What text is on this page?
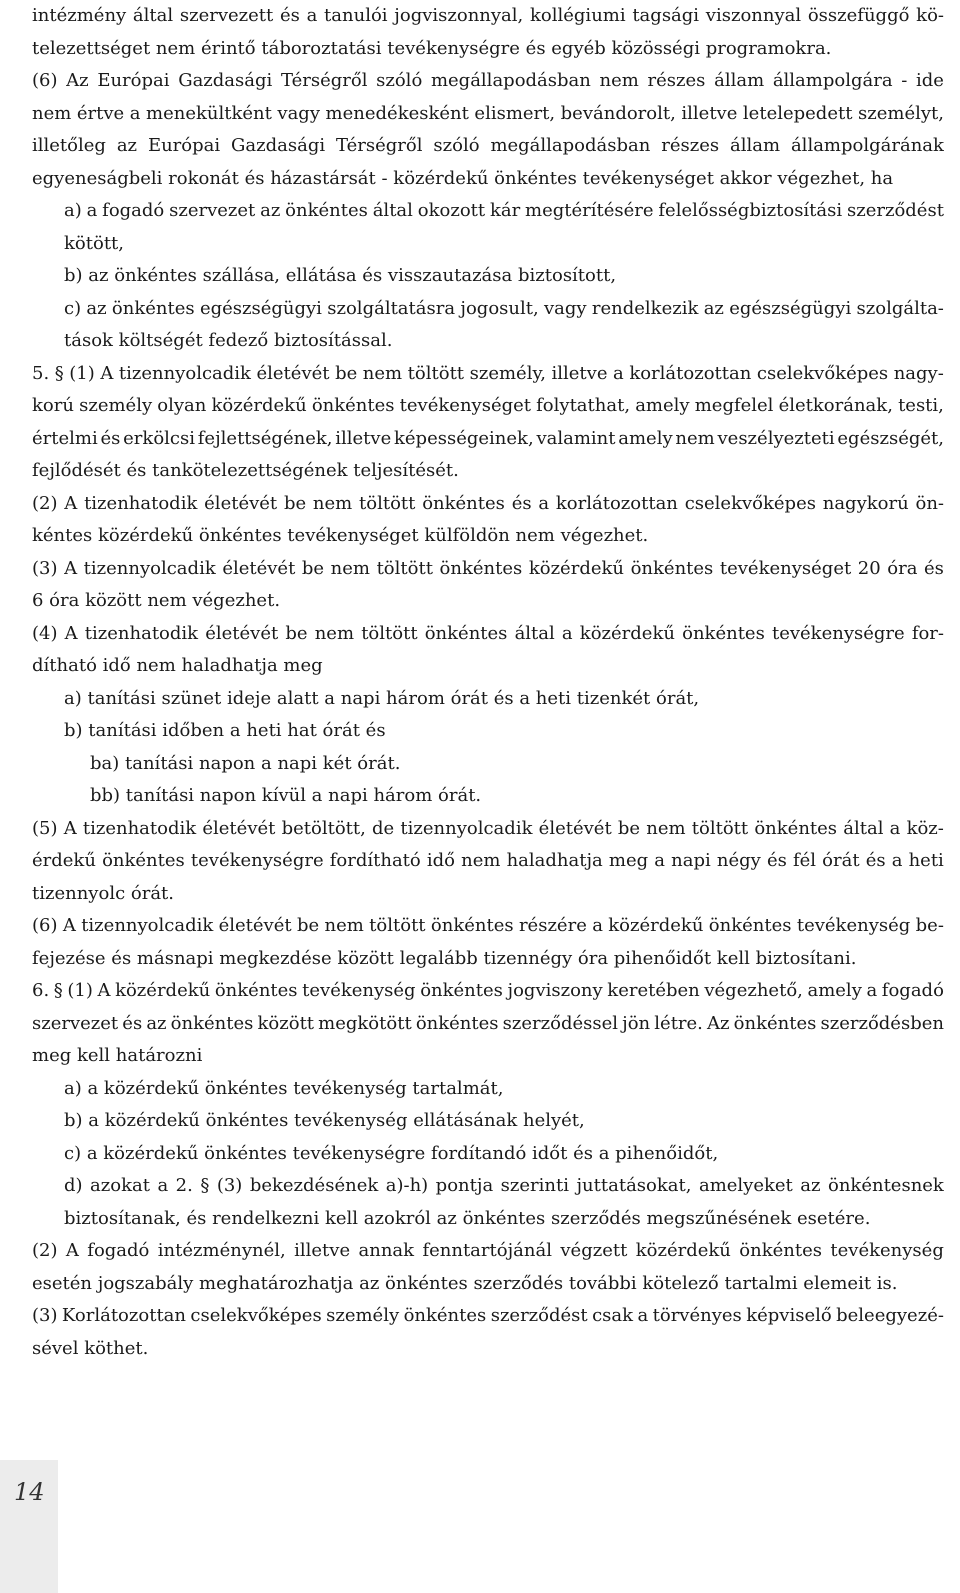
intézmény által szervezett és a tanulói jogviszonnyal, kollégiumi tagsági viszonnyal összefüggő kö-
telezettséget nem érintő táboroztatási tevékenységre és egyéb közösségi programokra.
(6) Az Európai Gazdasági Térségről szóló megállapodásban nem részes állam állampolgára - ide
nem értve a menekültként vagy menedékesként elismert, bevándorolt, illetve letelepedett személyt,
illetőleg az Európai Gazdasági Térségről szóló megállapodásban részes állam állampolgárának
egyeneságbeli rokonát és házastársát - közérdekű önkéntes tevékenységet akkor végezhet, ha
a) a fogadó szervezet az önkéntes által okozott kár megtérítésére felelősségbiztosítási szerződést
kötött,
b) az önkéntes szállása, ellátása és visszautazása biztosított,
c) az önkéntes egészségügyi szolgáltatásra jogosult, vagy rendelkezik az egészségügyi szolgálta-
tások költségét fedező biztosítással.
5. § (1) A tizennyolcadik életévét be nem töltött személy, illetve a korlátozottan cselekvőképes nagy-
korú személy olyan közérdekű önkéntes tevékenységet folytathat, amely megfelel életkorának, testi,
értelmi és erkölcsi fejlettségének, illetve képességeinek, valamint amely nem veszélyezteti egészségét,
fejlődését és tankötelezettségének teljesítését.
(2) A tizenhatodik életévét be nem töltött önkéntes és a korlátozottan cselekvőképes nagykorú ön-
kéntes közérdekű önkéntes tevékenységet külföldön nem végezhet.
(3) A tizennyolcadik életévét be nem töltött önkéntes közérdekű önkéntes tevékenységet 20 óra és
6 óra között nem végezhet.
(4) A tizenhatodik életévét be nem töltött önkéntes által a közérdekű önkéntes tevékenységre for-
dítható idő nem haladhatja meg
a) tanítási szünet ideje alatt a napi három órát és a heti tizenkét órát,
b) tanítási időben a heti hat órát és
ba) tanítási napon a napi két órát.
bb) tanítási napon kívül a napi három órát.
(5) A tizenhatodik életévét betöltött, de tizennyolcadik életévét be nem töltött önkéntes által a köz-
érdekű önkéntes tevékenységre fordítható idő nem haladhatja meg a napi négy és fél órát és a heti
tizennyolc órát.
(6) A tizennyolcadik életévét be nem töltött önkéntes részére a közérdekű önkéntes tevékenység be-
fejezése és másnapi megkezdése között legalább tizennégy óra pihenőidőt kell biztosítani.
6. § (1) A közérdekű önkéntes tevékenység önkéntes jogviszony keretében végezhető, amely a fogadó
szervezet és az önkéntes között megkötött önkéntes szerződéssel jön létre. Az önkéntes szerződésben
meg kell határozni
a) a közérdekű önkéntes tevékenység tartalmát,
b) a közérdekű önkéntes tevékenység ellátásának helyét,
c) a közérdekű önkéntes tevékenységre fordítandó időt és a pihenőidőt,
d) azokat a 2. § (3) bekezdésének a)-h) pontja szerinti juttatásokat, amelyeket az önkéntesnek
biztosítanak, és rendelkezni kell azokról az önkéntes szerződés megszűnésének esetére.
(2) A fogadó intézménynél, illetve annak fenntartójánál végzett közérdekű önkéntes tevékenység
esetén jogszabály meghatározhatja az önkéntes szerződés további kötelező tartalmi elemeit is.
(3) Korlátozottan cselekvőképes személy önkéntes szerződést csak a törvényes képviselő beleegyezé-
sével köthet.
14
